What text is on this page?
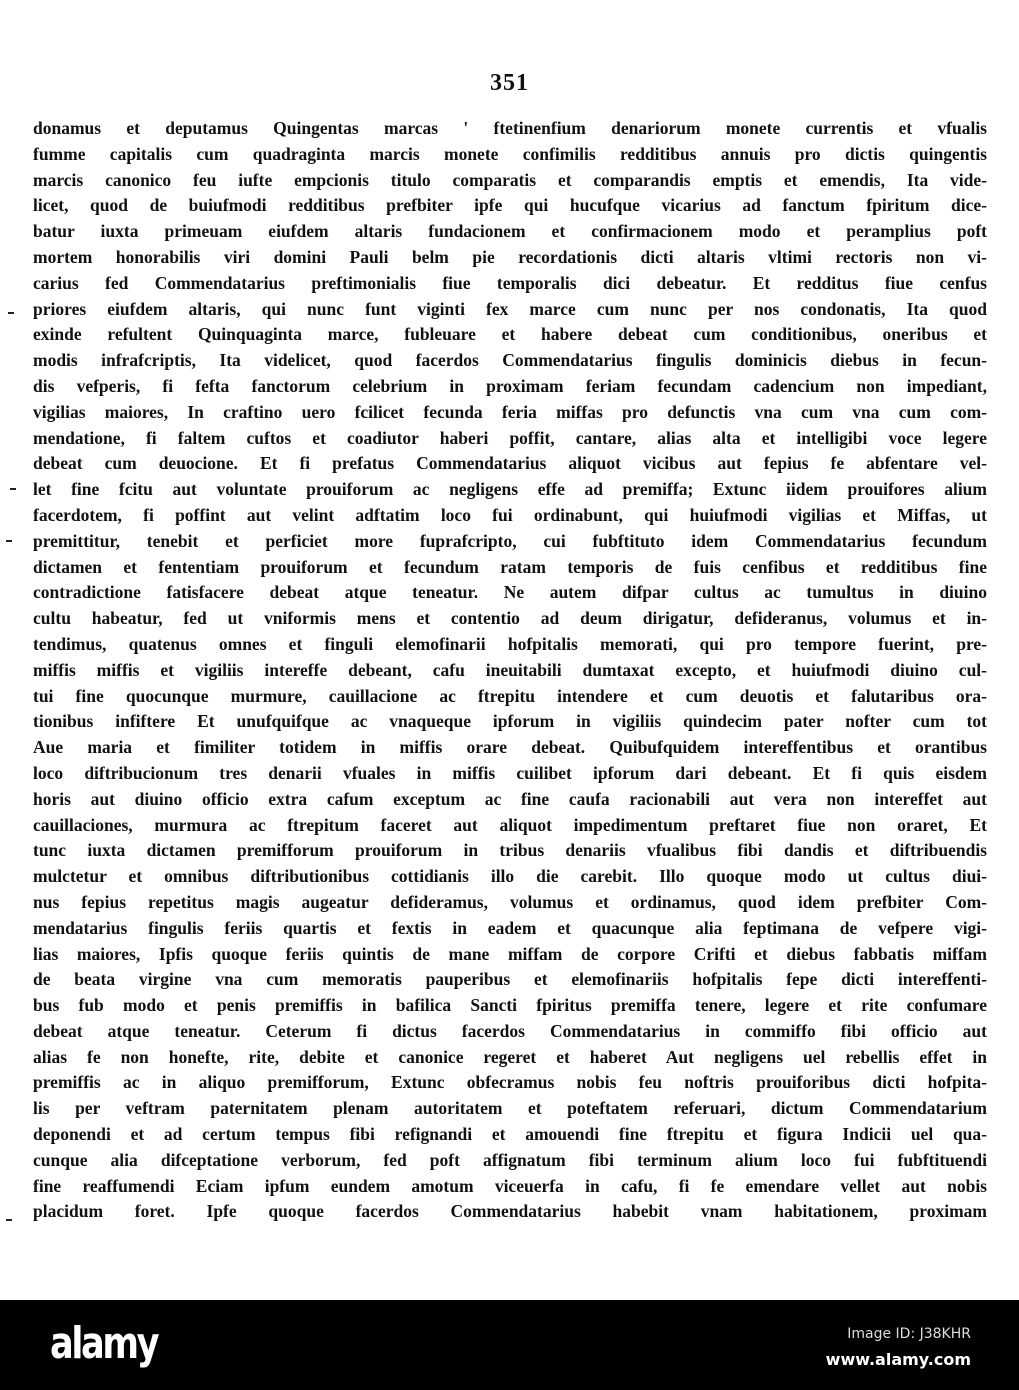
351
donamus et deputamus Quingentas marcas ' ftetinenfium denariorum monete currentis et vfualis
fumme capitalis cum quadraginta marcis monete confimilis redditibus annuis pro dictis quingentis
marcis canonico feu iufte empcionis titulo comparatis et comparandis emptis et emendis, Ita vide-
licet, quod de buiufmodi redditibus prefbiter ipfe qui hucufque vicarius ad fanctum fpiritum dice-
batur iuxta primeuam eiufdem altaris fundacionem et confirmacionem modo et peramplius poft
mortem honorabilis viri domini Pauli belm pie recordationis dicti altaris vltimi rectoris non vi-
carius fed Commendatarius preftimonialis fiue temporalis dici debeatur. Et redditus fiue cenfus
priores eiufdem altaris, qui nunc funt viginti fex marce cum nunc per nos condonatis, Ita quod
exinde refultent Quinquaginta marce, fubleuare et habere debeat cum conditionibus, oneribus et
modis infrafcriptis, Ita videlicet, quod facerdos Commendatarius fingulis dominicis diebus in fecun-
dis vefperis, fi fefta fanctorum celebrium in proximam feriam fecundam cadencium non impediant,
vigilias maiores, In craftino uero fcilicet fecunda feria miffas pro defunctis vna cum vna cum com-
mendatione, fi faltem cuftos et coadiutor haberi poffit, cantare, alias alta et intelligibi voce legere
debeat cum deuocione. Et fi prefatus Commendatarius aliquot vicibus aut fepius fe abfentare vel-
let fine fcitu aut voluntate prouiforum ac negligens effe ad premiffa; Extunc iidem prouifores alium
facerdotem, fi poffint aut velint adftatim loco fui ordinabunt, qui huiufmodi vigilias et Miffas, ut
premittitur, tenebit et perficiet more fuprafcripto, cui fubftituto idem Commendatarius fecundum
dictamen et fententiam prouiforum et fecundum ratam temporis de fuis cenfibus et redditibus fine
contradictione fatisfacere debeat atque teneatur. Ne autem difpar cultus ac tumultus in diuino
cultu habeatur, fed ut vniformis mens et contentio ad deum dirigatur, defideranus, volumus et in-
tendimus, quatenus omnes et finguli elemofinarii hofpitalis memorati, qui pro tempore fuerint, pre-
miffis miffis et vigiliis intereffe debeant, cafu ineuitabili dumtaxat excepto, et huiufmodi diuino cul-
tui fine quocunque murmure, cauillacione ac ftrepitu intendere et cum deuotis et falutaribus ora-
tionibus infiftere Et unufquifque ac vnaqueque ipforum in vigiliis quindecim pater nofter cum tot
Aue maria et fimiliter totidem in miffis orare debeat. Quibufquidem intereffentibus et orantibus
loco diftribucionum tres denarii vfuales in miffis cuilibet ipforum dari debeant. Et fi quis eisdem
horis aut diuino officio extra cafum exceptum ac fine caufa racionabili aut vera non intereffet aut
cauillaciones, murmura ac ftrepitum faceret aut aliquot impedimentum preftaret fiue non oraret, Et
tunc iuxta dictamen premifforum prouiforum in tribus denariis vfualibus fibi dandis et diftribuendis
mulctetur et omnibus diftributionibus cottidianis illo die carebit. Illo quoque modo ut cultus diui-
nus fepius repetitus magis augeatur defideramus, volumus et ordinamus, quod idem prefbiter Com-
mendatarius fingulis feriis quartis et fextis in eadem et quacunque alia feptimana de vefpere vigi-
lias maiores, Ipfis quoque feriis quintis de mane miffam de corpore Crifti et diebus fabbatis miffam
de beata virgine vna cum memoratis pauperibus et elemofinariis hofpitalis fepe dicti intereffenti-
bus fub modo et penis premiffis in bafilica Sancti fpiritus premiffa tenere, legere et rite confumare
debeat atque teneatur. Ceterum fi dictus facerdos Commendatarius in commiffo fibi officio aut
alias fe non honefte, rite, debite et canonice regeret et haberet Aut negligens uel rebellis effet in
premiffis ac in aliquo premifforum, Extunc obfecramus nobis feu noftris prouiforibus dicti hofpita-
lis per veftram paternitatem plenam autoritatem et poteftatem referuari, dictum Commendatarium
deponendi et ad certum tempus fibi refignandi et amouendi fine ftrepitu et figura Indicii uel qua-
cunque alia difceptatione verborum, fed poft affignatum fibi terminum alium loco fui fubftituendi
fine reaffumendi Eciam ipfum eundem amotum viceuerfa in cafu, fi fe emendare vellet aut nobis
placidum foret. Ipfe quoque facerdos Commendatarius habebit vnam habitationem, proximam
alamy	Image ID: J38KHR
www.alamy.com
